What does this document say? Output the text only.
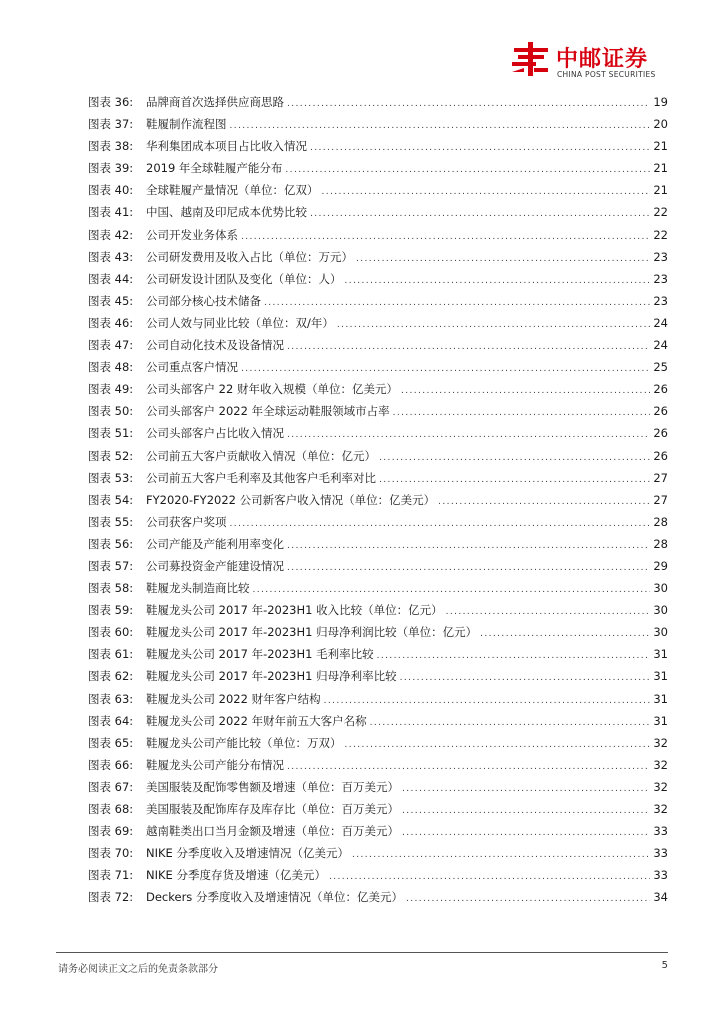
中邮证券
CHINA POST SECURITIES
图表 36:	品牌商首次选择供应商思路 .....	19
图表 37:	鞋履制作流程图 .....	20
图表 38:	华利集团成本项目占比收入情况 .....	21
图表 39:	2019 年全球鞋履产能分布 .....	21
图表 40:	全球鞋履产量情况（单位：亿双） .....	21
图表 41:	中国、越南及印尼成本优势比较 .....	22
图表 42:	公司开发业务体系 .....	22
图表 43:	公司研发费用及收入占比（单位：万元） .....	23
图表 44:	公司研发设计团队及变化（单位：人） .....	23
图表 45:	公司部分核心技术储备 .....	23
图表 46:	公司人效与同业比较（单位：双/年） .....	24
图表 47:	公司自动化技术及设备情况 .....	24
图表 48:	公司重点客户情况 .....	25
图表 49:	公司头部客户 22 财年收入规模（单位：亿美元） .....	26
图表 50:	公司头部客户 2022 年全球运动鞋服领域市占率 .....	26
图表 51:	公司头部客户占比收入情况 .....	26
图表 52:	公司前五大客户贡献收入情况（单位：亿元） .....	26
图表 53:	公司前五大客户毛利率及其他客户毛利率对比 .....	27
图表 54:	FY2020-FY2022 公司新客户收入情况（单位：亿美元） .....	27
图表 55:	公司获客户奖项 .....	28
图表 56:	公司产能及产能利用率变化 .....	28
图表 57:	公司募投资金产能建设情况 .....	29
图表 58:	鞋履龙头制造商比较 .....	30
图表 59:	鞋履龙头公司 2017 年-2023H1 收入比较（单位：亿元） .....	30
图表 60:	鞋履龙头公司 2017 年-2023H1 归母净利润比较（单位：亿元） .....	30
图表 61:	鞋履龙头公司 2017 年-2023H1 毛利率比较 .....	31
图表 62:	鞋履龙头公司 2017 年-2023H1 归母净利率比较 .....	31
图表 63:	鞋履龙头公司 2022 财年客户结构 .....	31
图表 64:	鞋履龙头公司 2022 年财年前五大客户名称 .....	31
图表 65:	鞋履龙头公司产能比较（单位：万双） .....	32
图表 66:	鞋履龙头公司产能分布情况 .....	32
图表 67:	美国服装及配饰零售额及增速（单位：百万美元） .....	32
图表 68:	美国服装及配饰库存及库存比（单位：百万美元） .....	32
图表 69:	越南鞋类出口当月金额及增速（单位：百万美元） .....	33
图表 70:	NIKE 分季度收入及增速情况（亿美元） .....	33
图表 71:	NIKE 分季度存货及增速（亿美元） .....	33
图表 72:	Deckers 分季度收入及增速情况（单位：亿美元） .....	34
请务必阅读正文之后的免责条款部分	5
